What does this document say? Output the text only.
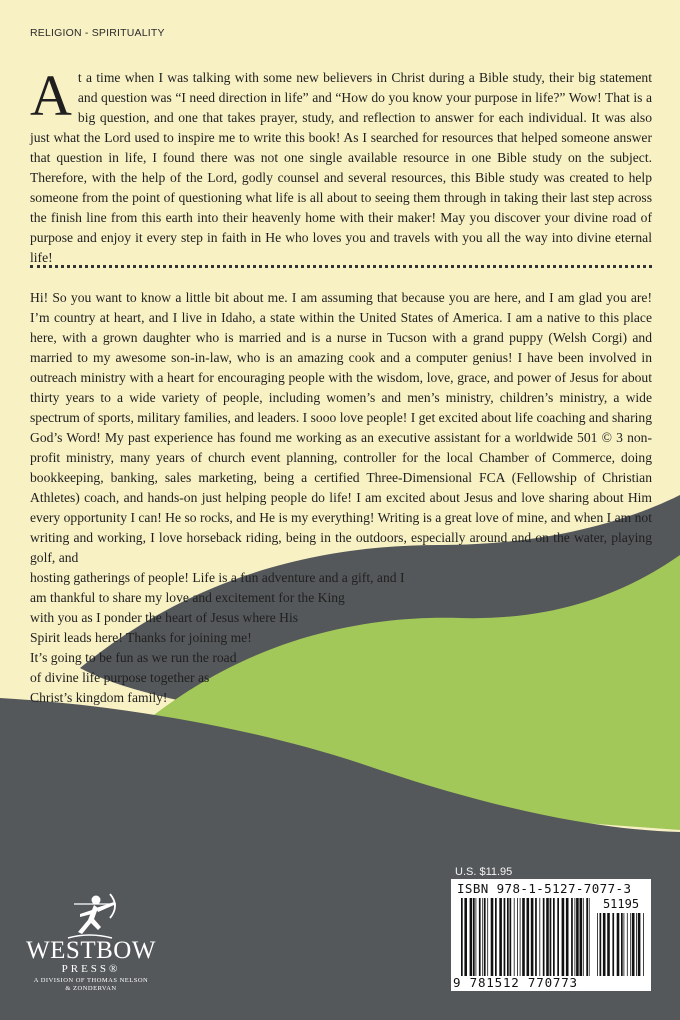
RELIGION - SPIRITUALITY
At a time when I was talking with some new believers in Christ during a Bible study, their big statement and question was “I need direction in life” and “How do you know your purpose in life?” Wow! That is a big question, and one that takes prayer, study, and reflection to answer for each individual. It was also just what the Lord used to inspire me to write this book! As I searched for resources that helped someone answer that question in life, I found there was not one single available resource in one Bible study on the subject. Therefore, with the help of the Lord, godly counsel and several resources, this Bible study was created to help someone from the point of questioning what life is all about to seeing them through in taking their last step across the finish line from this earth into their heavenly home with their maker! May you discover your divine road of purpose and enjoy it every step in faith in He who loves you and travels with you all the way into divine eternal life!

Hi! So you want to know a little bit about me. I am assuming that because you are here, and I am glad you are! I’m country at heart, and I live in Idaho, a state within the United States of America. I am a native to this place here, with a grown daughter who is married and is a nurse in Tucson with a grand puppy (Welsh Corgi) and married to my awesome son-in-law, who is an amazing cook and a computer genius! I have been involved in outreach ministry with a heart for encouraging people with the wisdom, love, grace, and power of Jesus for about thirty years to a wide variety of people, including women’s and men’s ministry, children’s ministry, a wide spectrum of sports, military families, and leaders. I sooo love people! I get excited about life coaching and sharing God’s Word! My past experience has found me working as an executive assistant for a worldwide 501 © 3 non-profit ministry, many years of church event planning, controller for the local Chamber of Commerce, doing bookkeeping, banking, sales marketing, being a certified Three-Dimensional FCA (Fellowship of Christian Athletes) coach, and hands-on just helping people do life! I am excited about Jesus and love sharing about Him every opportunity I can! He so rocks, and He is my everything! Writing is a great love of mine, and when I am not writing and working, I love horseback riding, being in the outdoors, especially around and on the water, playing golf, and

hosting gatherings of people! Life is a fun adventure and a gift, and I
am thankful to share my love and excitement for the King
with you as I ponder the heart of Jesus where His
Spirit leads here! Thanks for joining me!
It’s going to be fun as we run the road
of divine life purpose together as
Christ’s kingdom family!
WESTBOW
PRESS®
A DIVISION OF THOMAS NELSON
& ZONDERVAN
U.S. $11.95
ISBN 978-1-5127-7077-3
51195
9 781512 770773
